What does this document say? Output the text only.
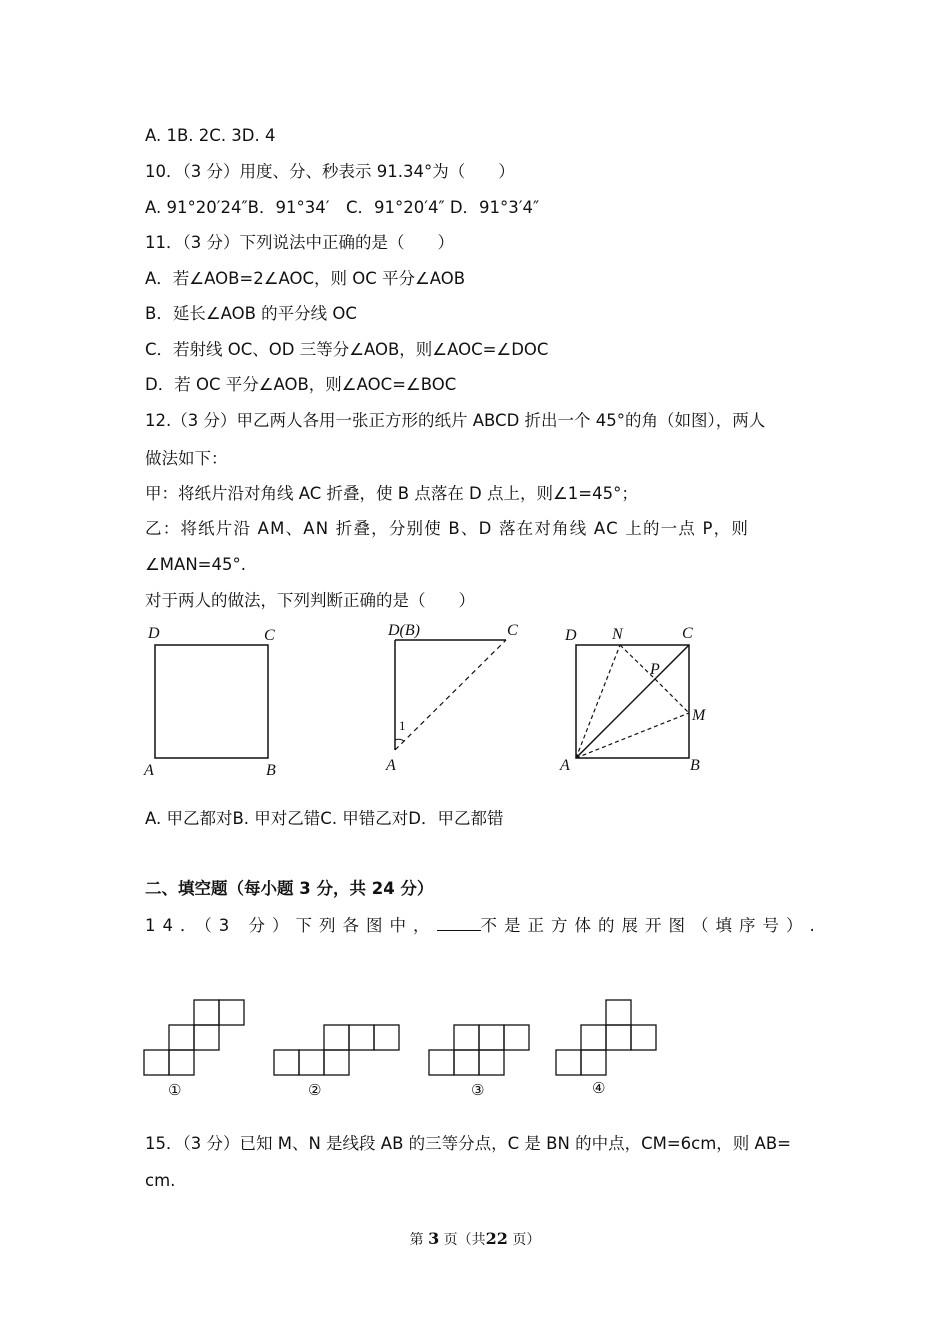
A. 1B. 2C. 3D. 4
10．（3 分）用度、分、秒表示 91.34°为（　　）
A. 91°20′24″B．91°34′　C．91°20′4″ D．91°3′4″
11．（3 分）下列说法中正确的是（　　）
A．若∠AOB=2∠AOC，则 OC 平分∠AOB
B．延长∠AOB 的平分线 OC
C．若射线 OC、OD 三等分∠AOB，则∠AOC=∠DOC
D．若 OC 平分∠AOB，则∠AOC=∠BOC
12.（3 分）甲乙两人各用一张正方形的纸片 ABCD 折出一个 45°的角（如图），两人
做法如下：
甲：将纸片沿对角线 AC 折叠，使 B 点落在 D 点上，则∠1=45°；
乙：将纸片沿 AM、AN 折叠，分别使 B、D 落在对角线 AC 上的一点 P，则
∠MAN=45°.
对于两人的做法，下列判断正确的是（　　）
D	C
A	B
D(B)	C
A
1
D N	C
P
M
A	B
A. 甲乙都对B. 甲对乙错C. 甲错乙对D．甲乙都错
二、填空题（每小题 3 分，共 24 分）
14．（3 分）下列各图中，	不是正方体的展开图（填序号）.
①	②	③	④
15．（3 分）已知 M、N 是线段 AB 的三等分点，C 是 BN 的中点，CM=6cm，则 AB=
cm.
第 3 页（共22 页）
